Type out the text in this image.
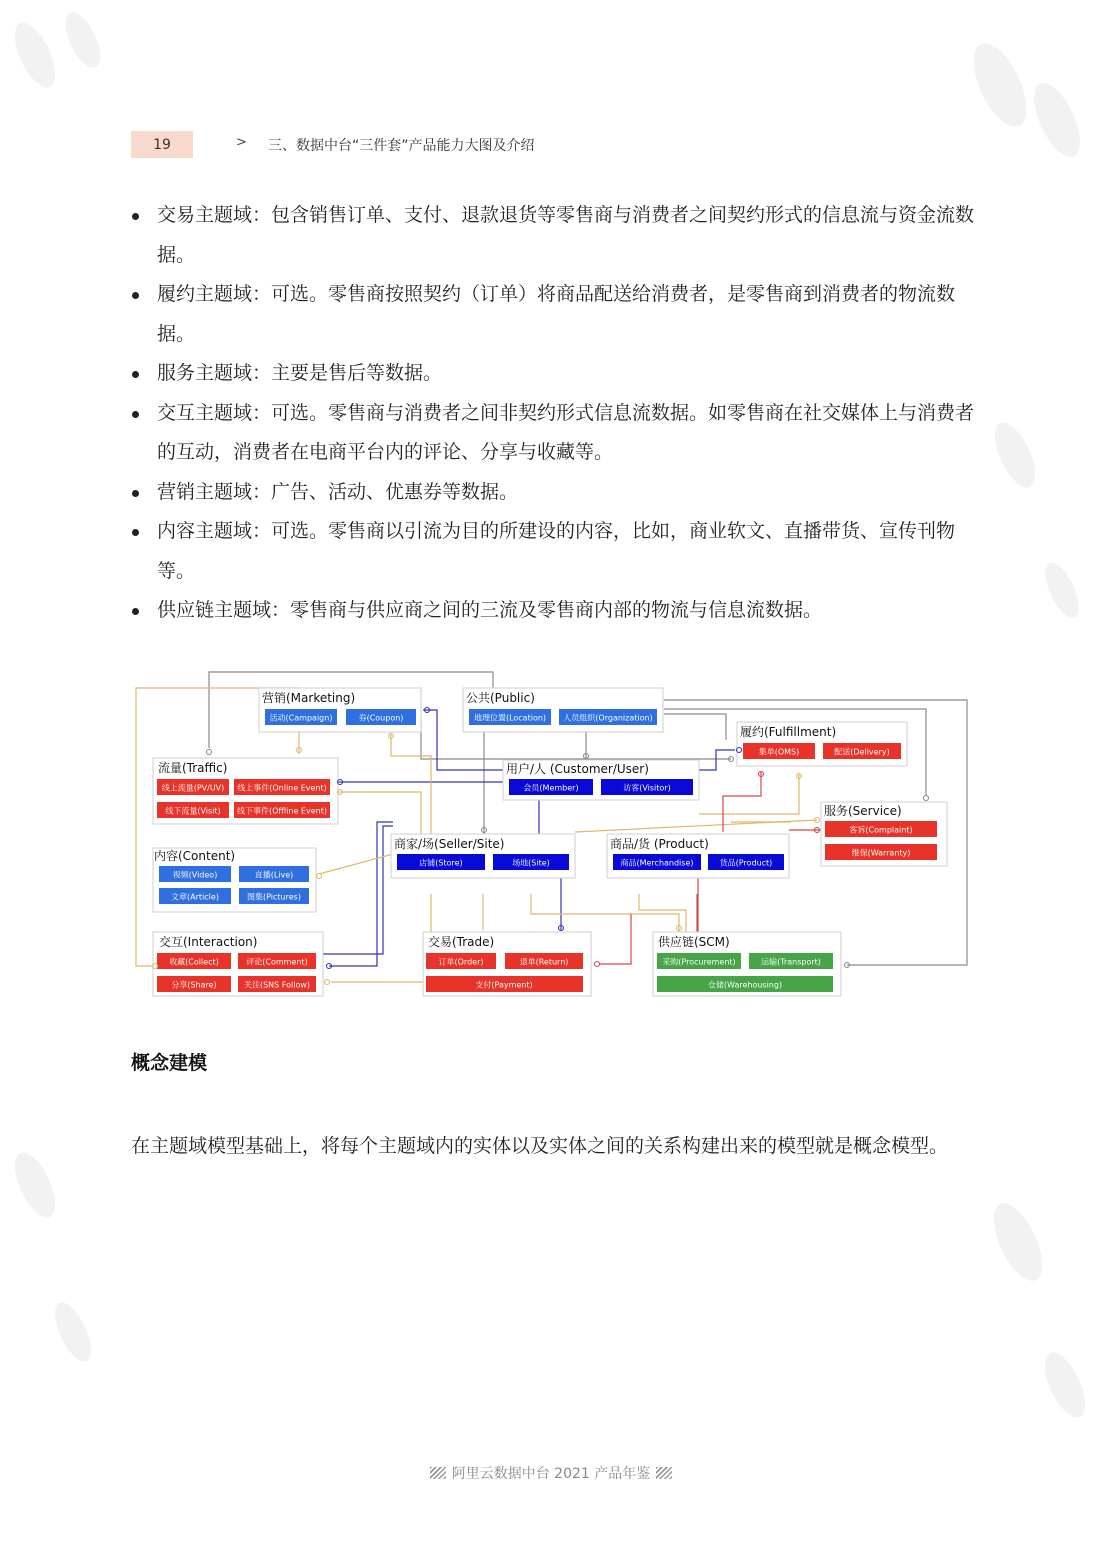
19	> 三、数据中台“三件套”产品能力大图及介绍
交易主题域：包含销售订单、支付、退款退货等零售商与消费者之间契约形式的信息流与资金流数据。
履约主题域：可选。零售商按照契约（订单）将商品配送给消费者，是零售商到消费者的物流数据。
服务主题域：主要是售后等数据。
交互主题域：可选。零售商与消费者之间非契约形式信息流数据。如零售商在社交媒体上与消费者的互动，消费者在电商平台内的评论、分享与收藏等。
营销主题域：广告、活动、优惠券等数据。
内容主题域：可选。零售商以引流为目的所建设的内容，比如，商业软文、直播带货、宣传刊物等。
供应链主题域：零售商与供应商之间的三流及零售商内部的物流与信息流数据。
营销(Marketing)
活动(Campaign)	券(Coupon)
公共(Public)
地理位置(Location) 人员组织(Organization)
履约(Fulfillment)
集单(OMS)	配送(Delivery)
流量(Traffic)
线上流量(PV/UV) 线上事件(Online Event)
线下流量(Visit) 线下事件(Offline Event)
用户/人 (Customer/User)
会员(Member)	访客(Visitor)
服务(Service)
客诉(Complaint)
维保(Warranty)
内容(Content)
视频(Video)	直播(Live)
文章(Article)	图集(Pictures)
商家/场(Seller/Site)
店铺(Store)	场地(Site)
商品/货 (Product)
商品(Merchandise)	货品(Product)
交互(Interaction)
收藏(Collect)	评论(Comment)
分享(Share)	关注(SNS Follow)
交易(Trade)
订单(Order)	退单(Return)
支付(Payment)
供应链(SCM)
采购(Procurement)	运输(Transport)
仓储(Warehousing)
概念建模

在主题域模型基础上，将每个主题域内的实体以及实体之间的关系构建出来的模型就是概念模型。

阿里云数据中台 2021 产品年鉴
